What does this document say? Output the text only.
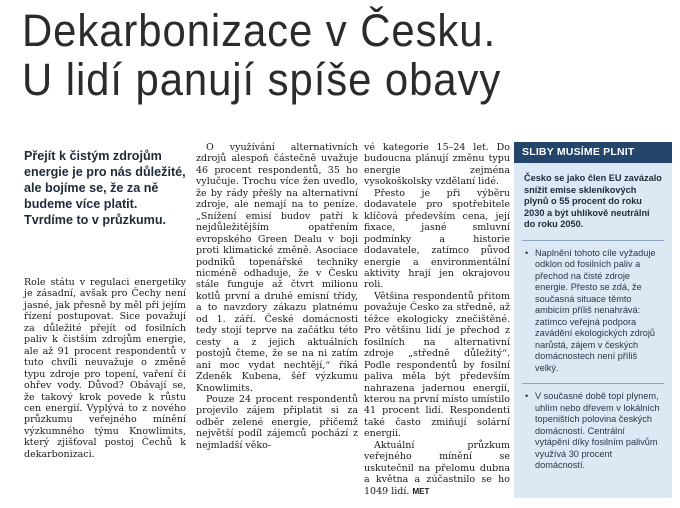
Dekarbonizace v Česku.
U lidí panují spíše obavy
Přejít k čistým zdrojům energie je pro nás důležité, ale bojíme se, že za ně budeme více platit. Tvrdíme to v průzkumu.

Role státu v regulaci energetiky je zásadní, avšak pro Čechy není jasné, jak přesně by měl při jejím řízení postupovat. Sice považují za důležité přejít od fosilních paliv k čistším zdrojům energie, ale až 91 procent respondentů v tuto chvíli neuvažuje o změně typu zdroje pro topení, vaření či ohřev vody. Důvod? Obávají se, že takový krok povede k růstu cen energií. Vyplývá to z nového průzkumu veřejného mínění výzkumného týmu Knowlimits, který zjišťoval postoj Čechů k dekarbonizaci.

O využívání alternativních zdrojů alespoň částečně uvažuje 46 procent respondentů, 35 ho vylučuje. Trochu více žen uvedlo, že by rády přešly na alternativní zdroje, ale nemají na to peníze. „Snížení emisí budov patří k nejdůležitějším opatřením evropského Green Dealu v boji proti klimatické změně. Asociace podniků topenářské techniky nicméně odhaduje, že v Česku stále funguje až čtvrt milionu kotlů první a druhé emisní třídy, a to navzdory zákazu platnému od 1. září. České domácnosti tedy stojí teprve na začátku této cesty a z jejich aktuálních postojů čteme, že se na ni zatím ani moc vydat nechtějí,“ říká Zdeněk Kubena, šéf výzkumu Knowlimits.

Pouze 24 procent respondentů projevilo zájem připlatit si za odběr zelené energie, přičemž největší podíl zájemců pochází z nejmladší věko-

vé kategorie 15–24 let. Do budoucna plánují změnu typu energie zejména vysokoškolsky vzdělaní lidé.

Přesto je při výběru dodavatele pro spotřebitele klíčová především cena, její fixace, jasné smluvní podmínky a historie dodavatele, zatímco původ energie a environmentální aktivity hrají jen okrajovou roli.

Většina respondentů přitom považuje Česko za středně, až téžce ekologicky znečištěné. Pro většinu lidí je přechod z fosilních na alternativní zdroje „středně důležitý“. Podle respondentů by fosilní paliva měla být především nahrazena jadernou energií, kterou na první místo umístilo 41 procent lidí. Respondenti také často zmiňují solární energii.

Aktuální průzkum veřejného mínění se uskutečnil na přelomu dubna a května a zúčastnilo se ho 1049 lidí. MET

SLIBY MUSÍME PLNIT
Česko se jako člen EU zavázalo snížit emise skleníkových plynů o 55 procent do roku 2030 a být uhlíkově neutrální do roku 2050.
• Naplnění tohoto cíle vyžaduje odklon od fosilních paliv a přechod na čisté zdroje energie. Přesto se zdá, že současná situace těmto ambicím příliš nenahrává: zatímco veřejná podpora zavádění ekologických zdrojů narůstá, zájem v českých domácnostech není příliš velký.
• V současné době topí plynem, uhlím nebo dřevem v lokálních topeništích polovina českých domácností. Centrální vytápění díky fosilním palivům využívá 30 procent domácností.
